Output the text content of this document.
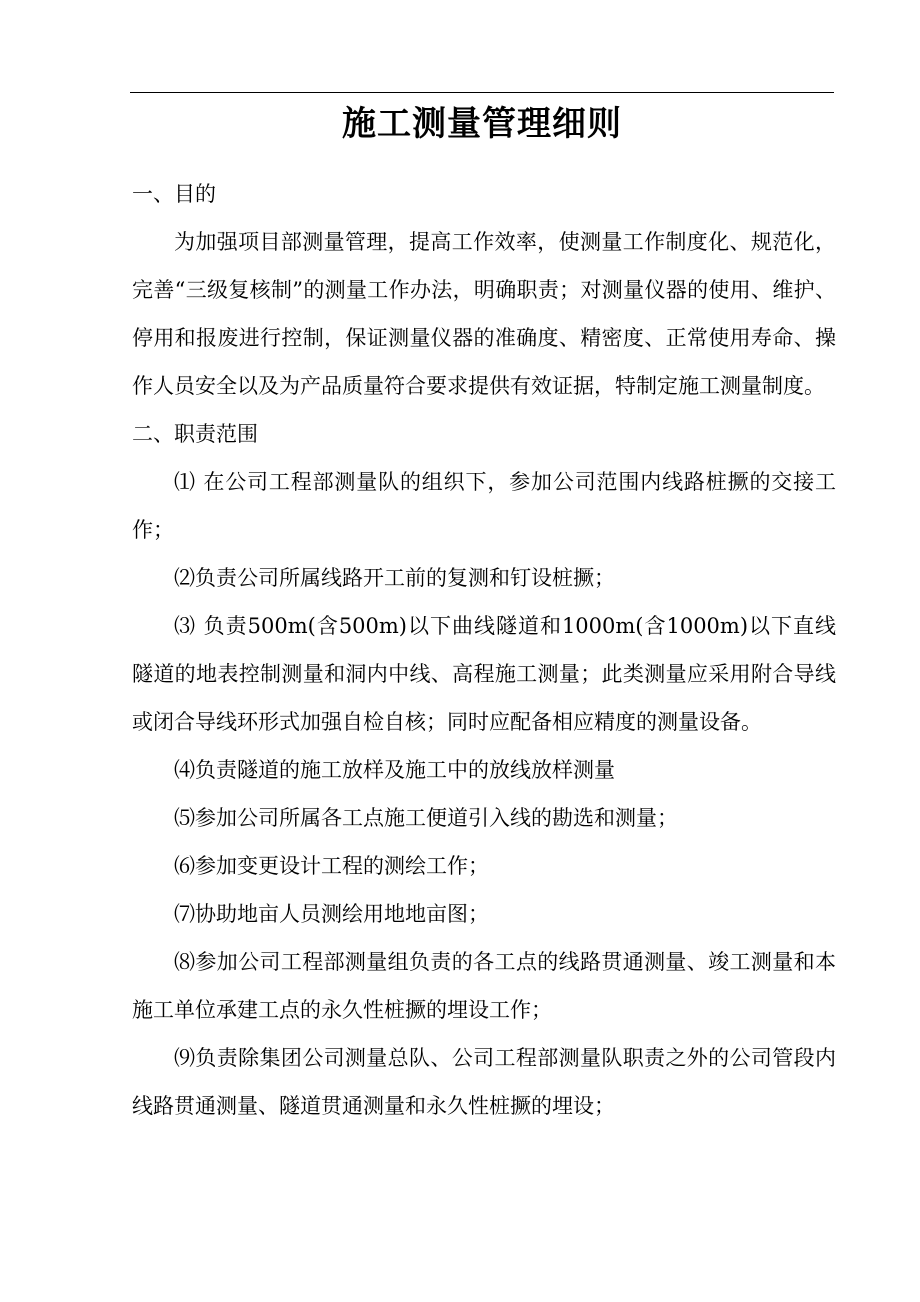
施工测量管理细则

一、目的

为加强项目部测量管理，提高工作效率，使测量工作制度化、规范化，完善“三级复核制”的测量工作办法，明确职责；对测量仪器的使用、维护、停用和报废进行控制，保证测量仪器的准确度、精密度、正常使用寿命、操作人员安全以及为产品质量符合要求提供有效证据，特制定施工测量制度。

二、职责范围

⑴ 在公司工程部测量队的组织下，参加公司范围内线路桩撅的交接工作；

⑵负责公司所属线路开工前的复测和钉设桩撅；

⑶ 负责500m(含500m)以下曲线隧道和1000m(含1000m)以下直线隧道的地表控制测量和洞内中线、高程施工测量；此类测量应采用附合导线或闭合导线环形式加强自检自核；同时应配备相应精度的测量设备。

⑷负责隧道的施工放样及施工中的放线放样测量

⑸参加公司所属各工点施工便道引入线的勘选和测量；

⑹参加变更设计工程的测绘工作；

⑺协助地亩人员测绘用地地亩图；

⑻参加公司工程部测量组负责的各工点的线路贯通测量、竣工测量和本施工单位承建工点的永久性桩撅的埋设工作；

⑼负责除集团公司测量总队、公司工程部测量队职责之外的公司管段内线路贯通测量、隧道贯通测量和永久性桩撅的埋设；
